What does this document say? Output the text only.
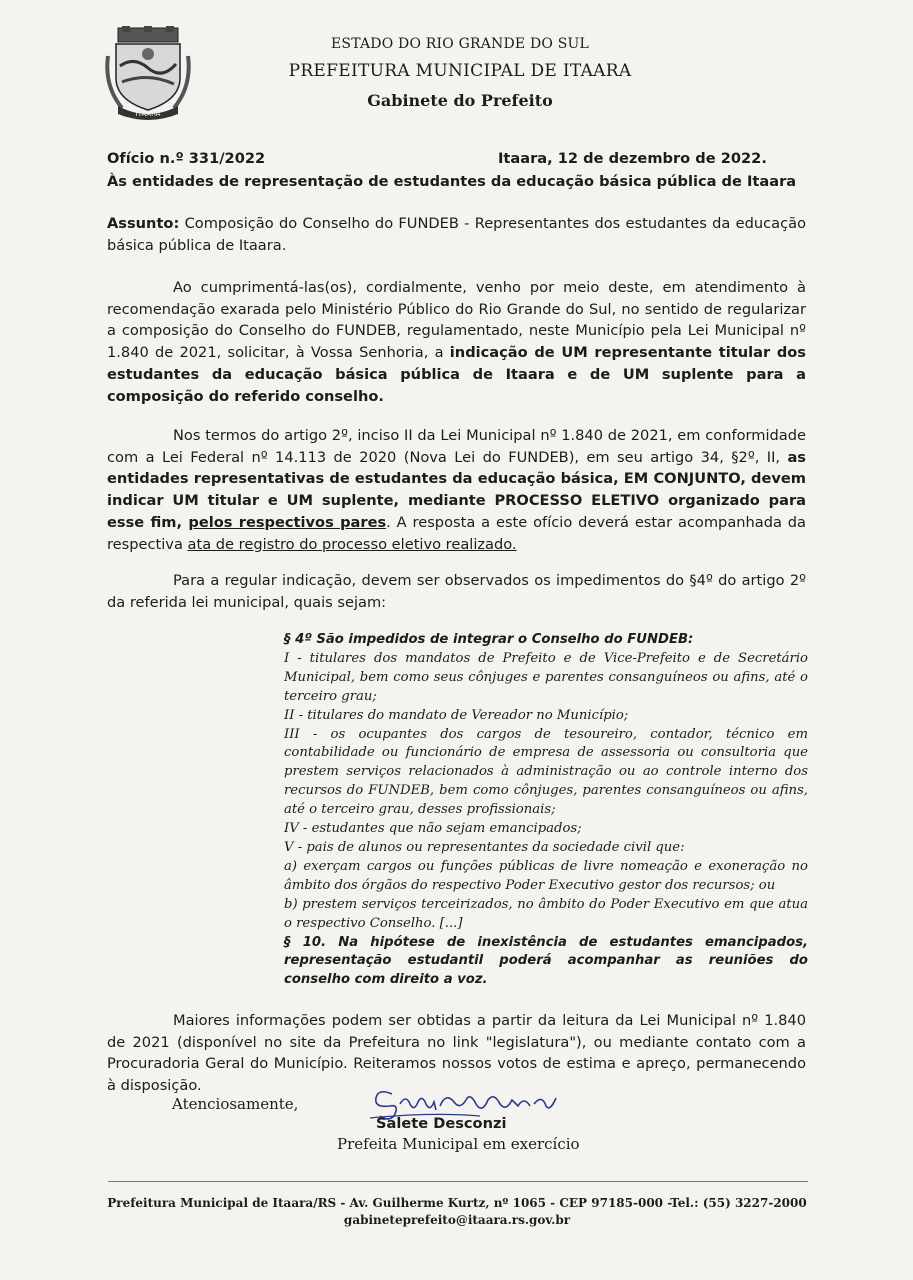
ITAARA
ESTADO DO RIO GRANDE DO SUL
PREFEITURA MUNICIPAL DE ITAARA
Gabinete do Prefeito
Ofício n.º 331/2022	Itaara, 12 de dezembro de 2022.
Às entidades de representação de estudantes da educação básica pública de Itaara
Assunto: Composição do Conselho do FUNDEB - Representantes dos estudantes da educação básica pública de Itaara.

Ao cumprimentá-las(os), cordialmente, venho por meio deste, em atendimento à recomendação exarada pelo Ministério Público do Rio Grande do Sul, no sentido de regularizar a composição do Conselho do FUNDEB, regulamentado, neste Município pela Lei Municipal nº 1.840 de 2021, solicitar, à Vossa Senhoria, a indicação de UM representante titular dos estudantes da educação básica pública de Itaara e de UM suplente para a composição do referido conselho.

Nos termos do artigo 2º, inciso II da Lei Municipal nº 1.840 de 2021, em conformidade com a Lei Federal nº 14.113 de 2020 (Nova Lei do FUNDEB), em seu artigo 34, §2º, II, as entidades representativas de estudantes da educação básica, EM CONJUNTO, devem indicar UM titular e UM suplente, mediante PROCESSO ELETIVO organizado para esse fim, pelos respectivos pares. A resposta a este ofício deverá estar acompanhada da respectiva ata de registro do processo eletivo realizado.

Para a regular indicação, devem ser observados os impedimentos do §4º do artigo 2º da referida lei municipal, quais sejam:

§ 4º São impedidos de integrar o Conselho do FUNDEB:
I - titulares dos mandatos de Prefeito e de Vice-Prefeito e de Secretário Municipal, bem como seus cônjuges e parentes consanguíneos ou afins, até o terceiro grau;
II - titulares do mandato de Vereador no Município;
III - os ocupantes dos cargos de tesoureiro, contador, técnico em contabilidade ou funcionário de empresa de assessoria ou consultoria que prestem serviços relacionados à administração ou ao controle interno dos recursos do FUNDEB, bem como cônjuges, parentes consanguíneos ou afins, até o terceiro grau, desses profissionais;
IV - estudantes que não sejam emancipados;
V - pais de alunos ou representantes da sociedade civil que:
a) exerçam cargos ou funções públicas de livre nomeação e exoneração no âmbito dos órgãos do respectivo Poder Executivo gestor dos recursos; ou
b) prestem serviços terceirizados, no âmbito do Poder Executivo em que atua o respectivo Conselho. [...]
§ 10. Na hipótese de inexistência de estudantes emancipados, representação estudantil poderá acompanhar as reuniões do conselho com direito a voz.

Maiores informações podem ser obtidas a partir da leitura da Lei Municipal nº 1.840 de 2021 (disponível no site da Prefeitura no link "legislatura"), ou mediante contato com a Procuradoria Geral do Município. Reiteramos nossos votos de estima e apreço, permanecendo à disposição.

Atenciosamente,
Salete Desconzi
Prefeita Municipal em exercício
Prefeitura Municipal de Itaara/RS - Av. Guilherme Kurtz, nº 1065 - CEP 97185-000 -Tel.: (55) 3227-2000
gabineteprefeito@itaara.rs.gov.br
